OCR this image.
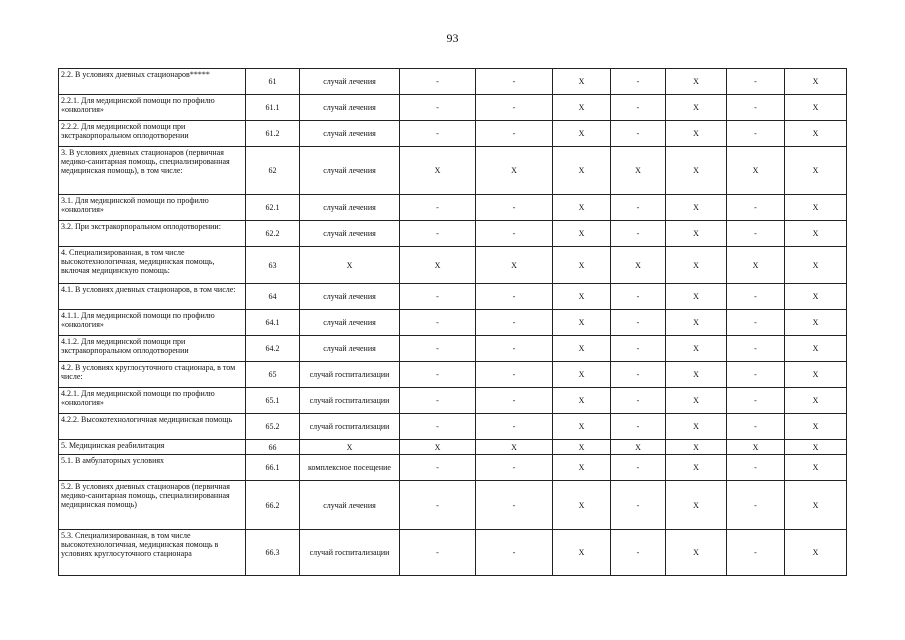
93
2.2. В условиях дневных стационаров*****	61	случай лечения	-	-	X	-	X	-	X
2.2.1. Для медицинской помощи по профилю «онкология»	61.1	случай лечения	-	-	X	-	X	-	X
2.2.2. Для медицинской помощи при экстракорпоральном оплодотворении	61.2	случай лечения	-	-	X	-	X	-	X
3. В условиях дневных стационаров (первичная медико-санитарная помощь, специализированная медицинская помощь), в том числе:	62	случай лечения	X	X	X	X	X	X	X
3.1. Для медицинской помощи по профилю «онкология»	62.1	случай лечения	-	-	X	-	X	-	X
3.2. При экстракорпоральном оплодотворении:	62.2	случай лечения	-	-	X	-	X	-	X
4. Специализированная, в том числе высокотехнологичная, медицинская помощь, включая медицинскую помощь:	63	X	X	X	X	X	X	X	X
4.1. В условиях дневных стационаров, в том числе:	64	случай лечения	-	-	X	-	X	-	X
4.1.1. Для медицинской помощи по профилю «онкология»	64.1	случай лечения	-	-	X	-	X	-	X
4.1.2. Для медицинской помощи при экстракорпоральном оплодотворении	64.2	случай лечения	-	-	X	-	X	-	X
4.2. В условиях круглосуточного стационара, в том числе:	65	случай госпитализации	-	-	X	-	X	-	X
4.2.1. Для медицинской помощи по профилю «онкология»	65.1	случай госпитализации	-	-	X	-	X	-	X
4.2.2. Высокотехнологичная медицинская помощь	65.2	случай госпитализации	-	-	X	-	X	-	X
5. Медицинская реабилитация	66	X	X	X	X	X	X	X	X
5.1. В амбулаторных условиях	66.1	комплексное посещение	-	-	X	-	X	-	X
5.2. В условиях дневных стационаров (первичная медико-санитарная помощь, специализированная медицинская помощь)	66.2	случай лечения	-	-	X	-	X	-	X
5.3. Специализированная, в том числе высокотехнологичная, медицинская помощь в условиях круглосуточного стационара	66.3	случай госпитализации	-	-	X	-	X	-	X
